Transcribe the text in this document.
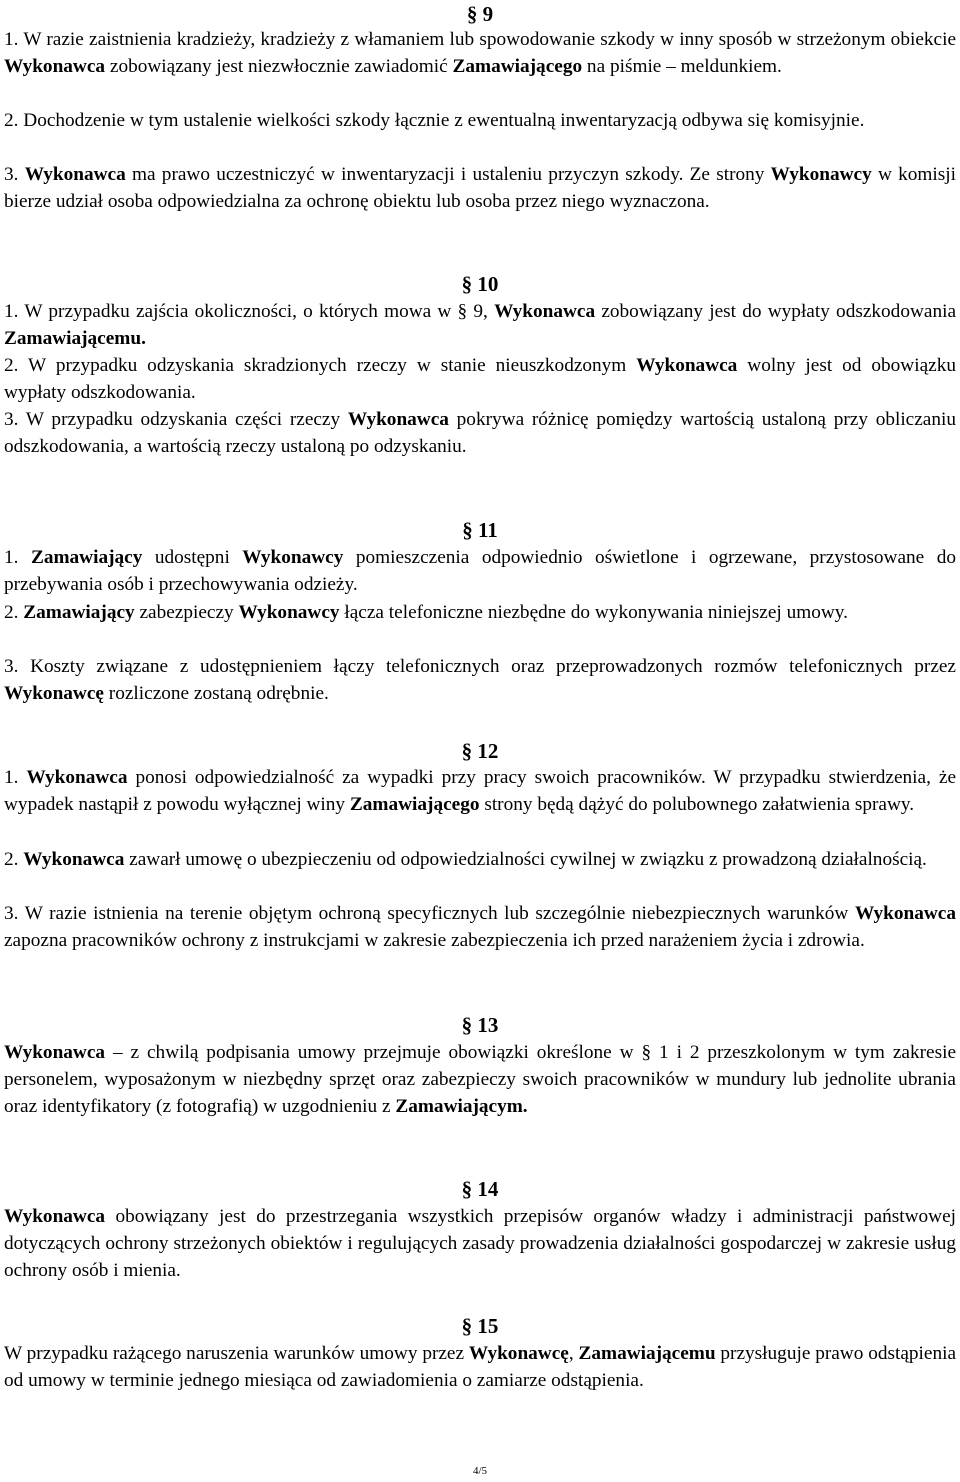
§ 9
1. W razie zaistnienia kradzieży, kradzieży z włamaniem lub spowodowanie szkody w inny sposób w strzeżonym obiekcie Wykonawca zobowiązany jest niezwłocznie zawiadomić Zamawiającego na piśmie – meldunkiem.
2. Dochodzenie w tym ustalenie wielkości szkody łącznie z ewentualną inwentaryzacją odbywa się komisyjnie.
3. Wykonawca ma prawo uczestniczyć w inwentaryzacji i ustaleniu przyczyn szkody. Ze strony Wykonawcy w komisji bierze udział osoba odpowiedzialna za ochronę obiektu lub osoba przez niego wyznaczona.
§ 10
1. W przypadku zajścia okoliczności, o których mowa w § 9, Wykonawca zobowiązany jest do wypłaty odszkodowania Zamawiającemu.
2. W przypadku odzyskania skradzionych rzeczy w stanie nieuszkodzonym Wykonawca wolny jest od obowiązku wypłaty odszkodowania.
3. W przypadku odzyskania części rzeczy Wykonawca pokrywa różnicę pomiędzy wartością ustaloną przy obliczaniu odszkodowania, a wartością rzeczy ustaloną po odzyskaniu.
§ 11
1. Zamawiający udostępni Wykonawcy pomieszczenia odpowiednio oświetlone i ogrzewane, przystosowane do przebywania osób i przechowywania odzieży.
2. Zamawiający zabezpieczy Wykonawcy łącza telefoniczne niezbędne do wykonywania niniejszej umowy.
3. Koszty związane z udostępnieniem łączy telefonicznych oraz przeprowadzonych rozmów telefonicznych przez Wykonawcę rozliczone zostaną odrębnie.
§ 12
1. Wykonawca ponosi odpowiedzialność za wypadki przy pracy swoich pracowników. W przypadku stwierdzenia, że wypadek nastąpił z powodu wyłącznej winy Zamawiającego strony będą dążyć do polubownego załatwienia sprawy.
2. Wykonawca zawarł umowę o ubezpieczeniu od odpowiedzialności cywilnej w związku z prowadzoną działalnością.
3. W razie istnienia na terenie objętym ochroną specyficznych lub szczególnie niebezpiecznych warunków Wykonawca zapozna pracowników ochrony z instrukcjami w zakresie zabezpieczenia ich przed narażeniem życia i zdrowia.
§ 13
Wykonawca – z chwilą podpisania umowy przejmuje obowiązki określone w § 1 i 2 przeszkolonym w tym zakresie personelem, wyposażonym w niezbędny sprzęt oraz zabezpieczy swoich pracowników w mundury lub jednolite ubrania oraz identyfikatory (z fotografią) w uzgodnieniu z Zamawiającym.
§ 14
Wykonawca obowiązany jest do przestrzegania wszystkich przepisów organów władzy i administracji państwowej dotyczących ochrony strzeżonych obiektów i regulujących zasady prowadzenia działalności gospodarczej w zakresie usług ochrony osób i mienia.
§ 15
W przypadku rażącego naruszenia warunków umowy przez Wykonawcę, Zamawiającemu przysługuje prawo odstąpienia od umowy w terminie jednego miesiąca od zawiadomienia o zamiarze odstąpienia.
4/5
